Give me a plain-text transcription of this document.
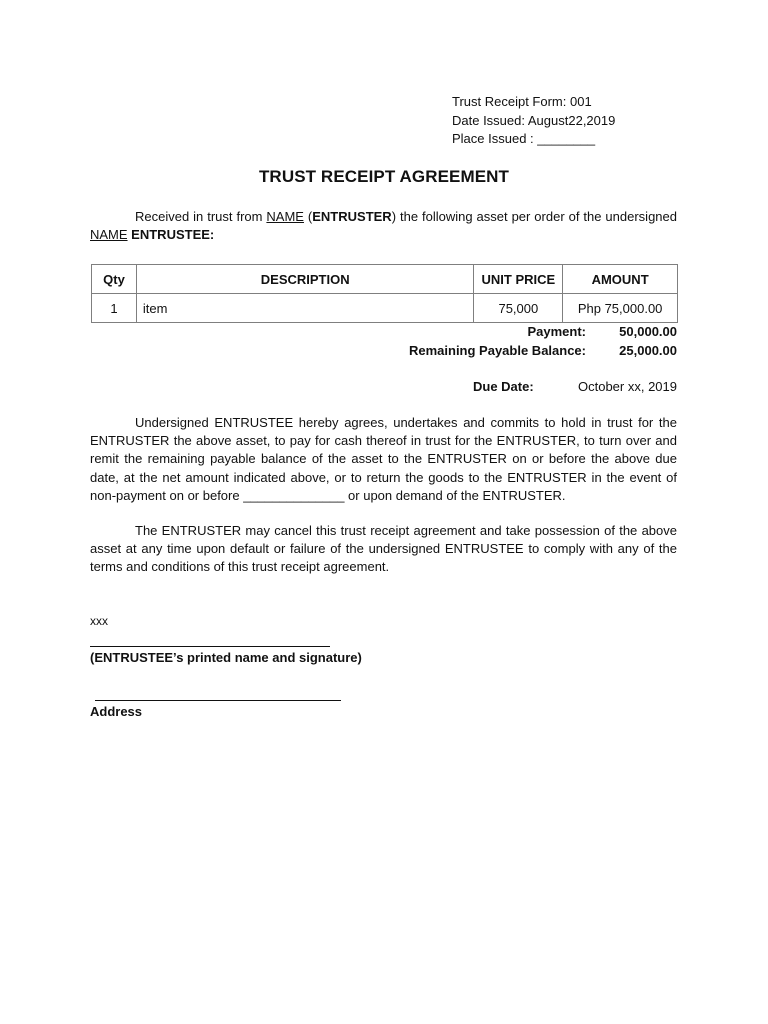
Trust Receipt Form: 001
Date Issued: August22,2019
Place Issued : ________
TRUST RECEIPT AGREEMENT
Received in trust from NAME (ENTRUSTER) the following asset per order of the undersigned NAME ENTRUSTEE:
Qty	DESCRIPTION	UNIT PRICE	AMOUNT
1	item	75,000	Php 75,000.00
Payment:	50,000.00
Remaining Payable Balance:	25,000.00
Due Date:	October xx, 2019
Undersigned ENTRUSTEE hereby agrees, undertakes and commits to hold in trust for the ENTRUSTER the above asset, to pay for cash thereof in trust for the ENTRUSTER, to turn over and remit the remaining payable balance of the asset to the ENTRUSTER on or before the above due date, at the net amount indicated above, or to return the goods to the ENTRUSTER in the event of non-payment on or before ______________ or upon demand of the ENTRUSTER.
The ENTRUSTER may cancel this trust receipt agreement and take possession of the above asset at any time upon default or failure of the undersigned ENTRUSTEE to comply with any of the terms and conditions of this trust receipt agreement.
xxx
(ENTRUSTEE’s printed name and signature)
Address
